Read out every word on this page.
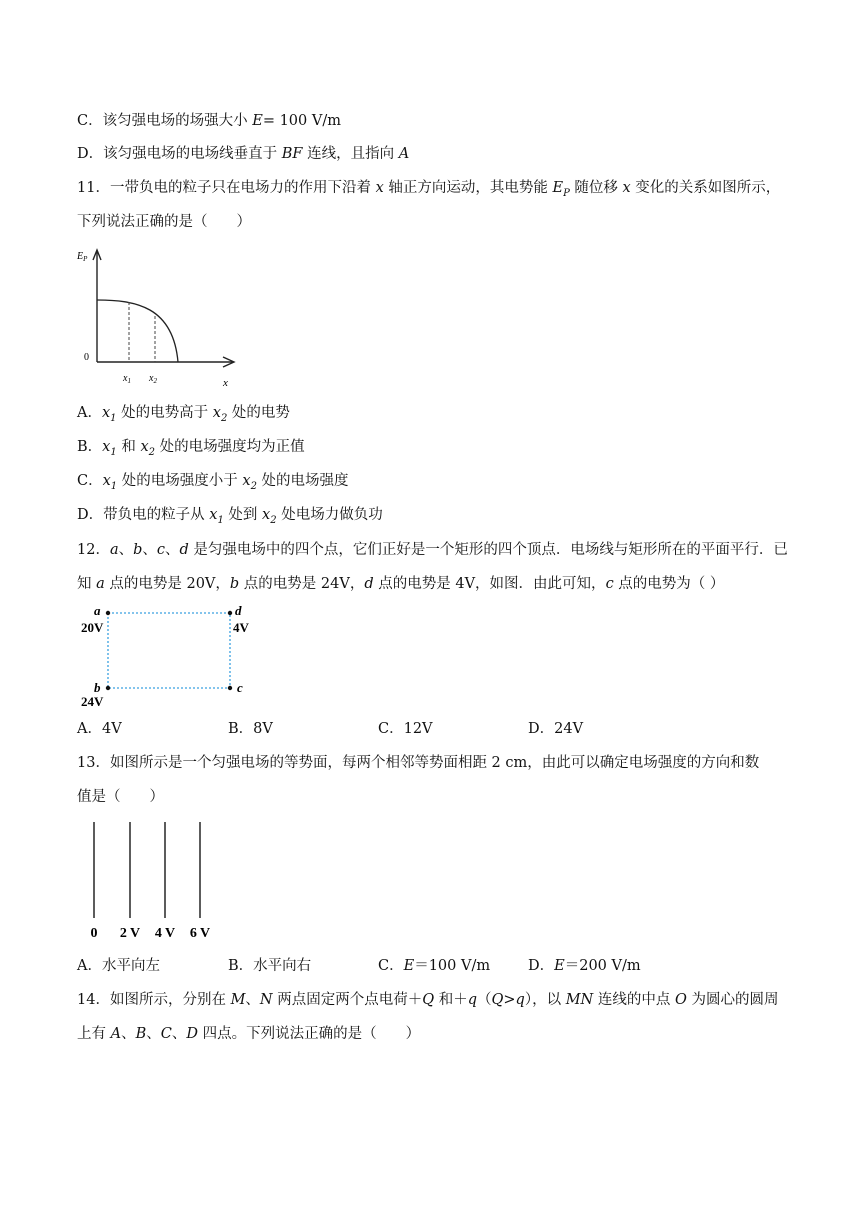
C．该匀强电场的场强大小 E= 100 V/m
D．该匀强电场的电场线垂直于 BF 连线，且指向 A
11．一带负电的粒子只在电场力的作用下沿着 x 轴正方向运动，其电势能 $E_P$ 随位移 x 变化的关系如图所示，
下列说法正确的是（　　）
$E_P$
0
$x_1$ $x_2$	x
A．$x_1$ 处的电势高于 $x_2$ 处的电势
B．$x_1$ 和 $x_2$ 处的电场强度均为正值
C．$x_1$ 处的电场强度小于 $x_2$ 处的电场强度
D．带负电的粒子从 $x_1$ 处到 $x_2$ 处电场力做负功
12．a、b、c、d 是匀强电场中的四个点，它们正好是一个矩形的四个顶点．电场线与矩形所在的平面平行．已
知 a 点的电势是 20V，b 点的电势是 24V，d 点的电势是 4V，如图．由此可知，c 点的电势为（ ）
a
20V
d
4V
b
24V
c
A．4V	B．8V	C．12V	D．24V
13．如图所示是一个匀强电场的等势面，每两个相邻等势面相距 2 cm，由此可以确定电场强度的方向和数
值是（　　）
0 2 V 4 V 6 V
A．水平向左	B．水平向右	C．E＝100 V/m	D．E＝200 V/m
14．如图所示，分别在 M、N 两点固定两个点电荷＋Q 和＋q（Q>q），以 MN 连线的中点 O 为圆心的圆周
上有 A、B、C、D 四点。下列说法正确的是（　　）
